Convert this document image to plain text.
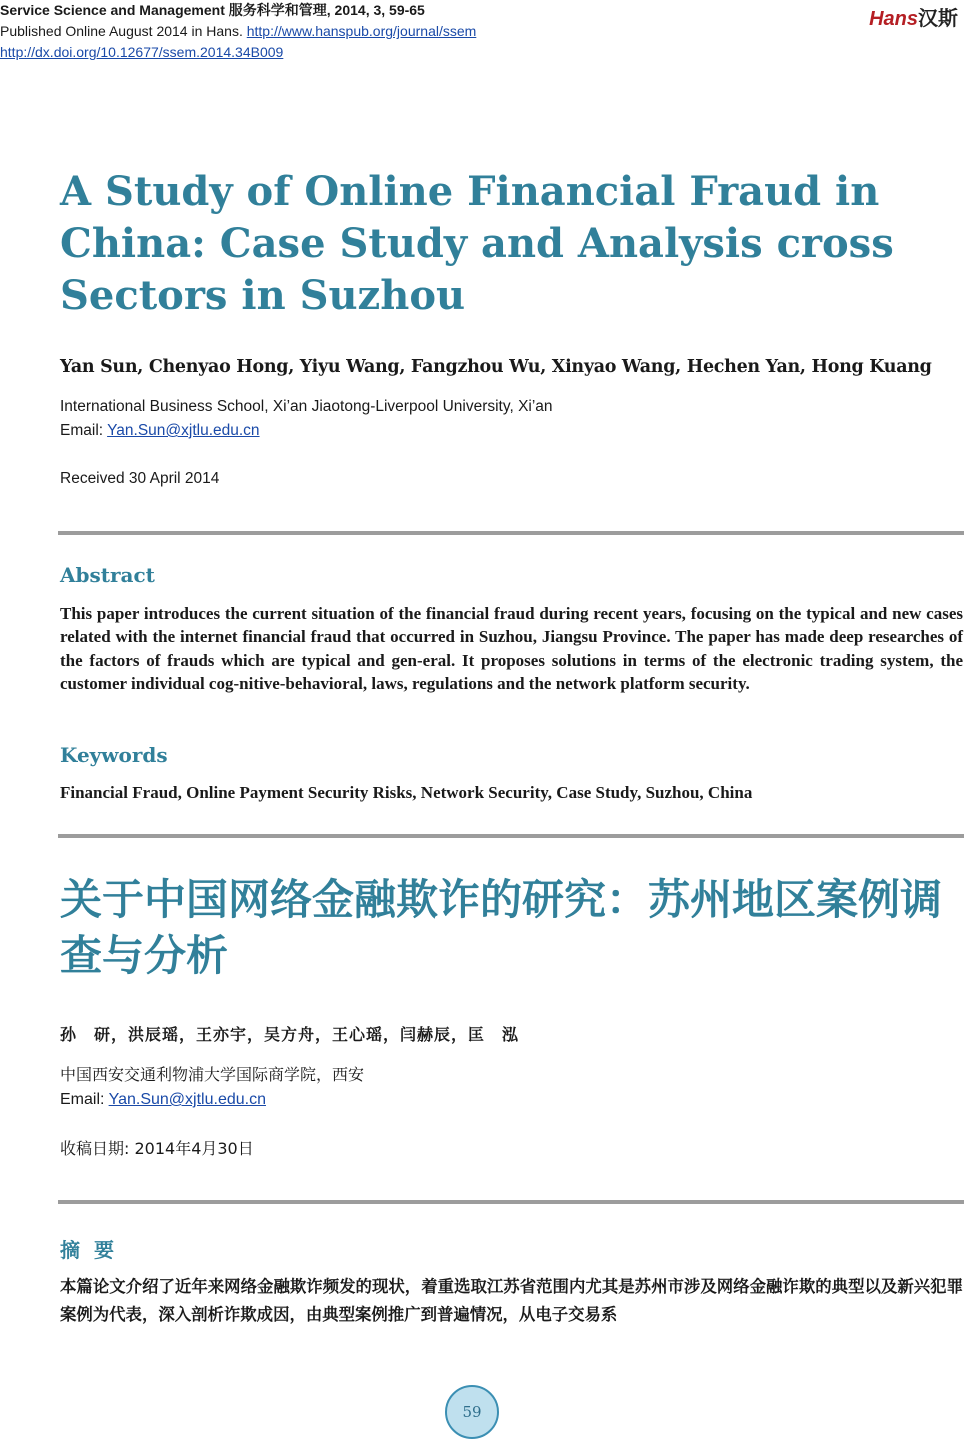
Service Science and Management 服务科学和管理, 2014, 3, 59-65
Published Online August 2014 in Hans. http://www.hanspub.org/journal/ssem
http://dx.doi.org/10.12677/ssem.2014.34B009
Hans汉斯
A Study of Online Financial Fraud in China: Case Study and Analysis cross Sectors in Suzhou
Yan Sun, Chenyao Hong, Yiyu Wang, Fangzhou Wu, Xinyao Wang, Hechen Yan, Hong Kuang
International Business School, Xi’an Jiaotong-Liverpool University, Xi’an
Email: Yan.Sun@xjtlu.edu.cn
Received 30 April 2014
Abstract

This paper introduces the current situation of the financial fraud during recent years, focusing on the typical and new cases related with the internet financial fraud that occurred in Suzhou, Jiangsu Province. The paper has made deep researches of the factors of frauds which are typical and gen-eral. It proposes solutions in terms of the electronic trading system, the customer individual cog-nitive-behavioral, laws, regulations and the network platform security.

Keywords
Financial Fraud, Online Payment Security Risks, Network Security, Case Study, Suzhou, China
关于中国网络金融欺诈的研究：苏州地区案例调查与分析
孙　研，洪辰瑶，王亦宇，吴方舟，王心瑶，闫赫辰，匡　泓
中国西安交通利物浦大学国际商学院，西安
Email: Yan.Sun@xjtlu.edu.cn
收稿日期: 2014年4月30日
摘要

本篇论文介绍了近年来网络金融欺诈频发的现状，着重选取江苏省范围内尤其是苏州市涉及网络金融诈欺的典型以及新兴犯罪案例为代表，深入剖析诈欺成因，由典型案例推广到普遍情况，从电子交易系

59
